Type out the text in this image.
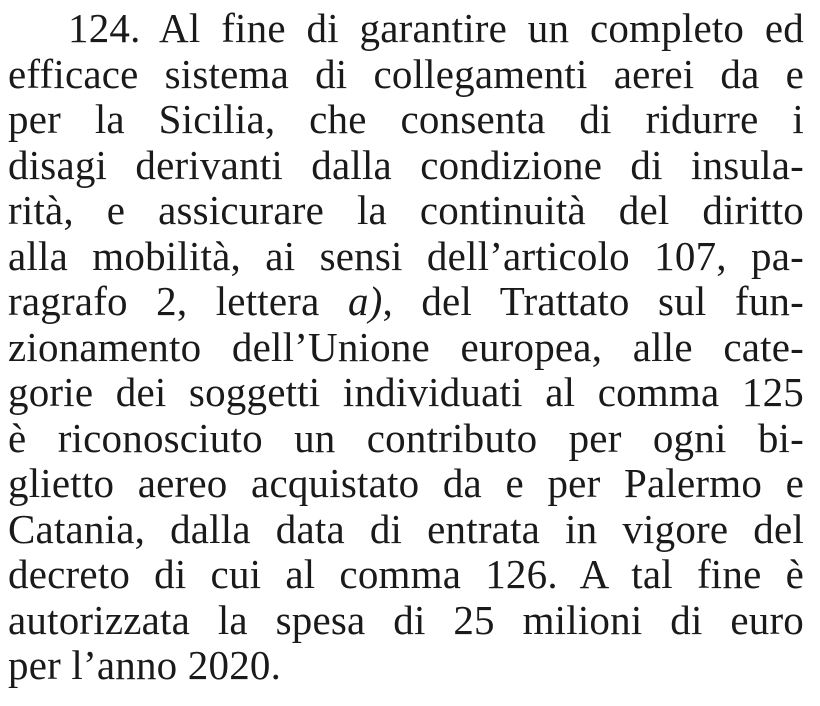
124. Al fine di garantire un completo ed
efficace sistema di collegamenti aerei da e
per la Sicilia, che consenta di ridurre i
disagi derivanti dalla condizione di insula-
rità, e assicurare la continuità del diritto
alla mobilità, ai sensi dell’articolo 107, pa-
ragrafo 2, lettera a), del Trattato sul fun-
zionamento dell’Unione europea, alle cate-
gorie dei soggetti individuati al comma 125
è riconosciuto un contributo per ogni bi-
glietto aereo acquistato da e per Palermo e
Catania, dalla data di entrata in vigore del
decreto di cui al comma 126. A tal fine è
autorizzata la spesa di 25 milioni di euro
per l’anno 2020.
